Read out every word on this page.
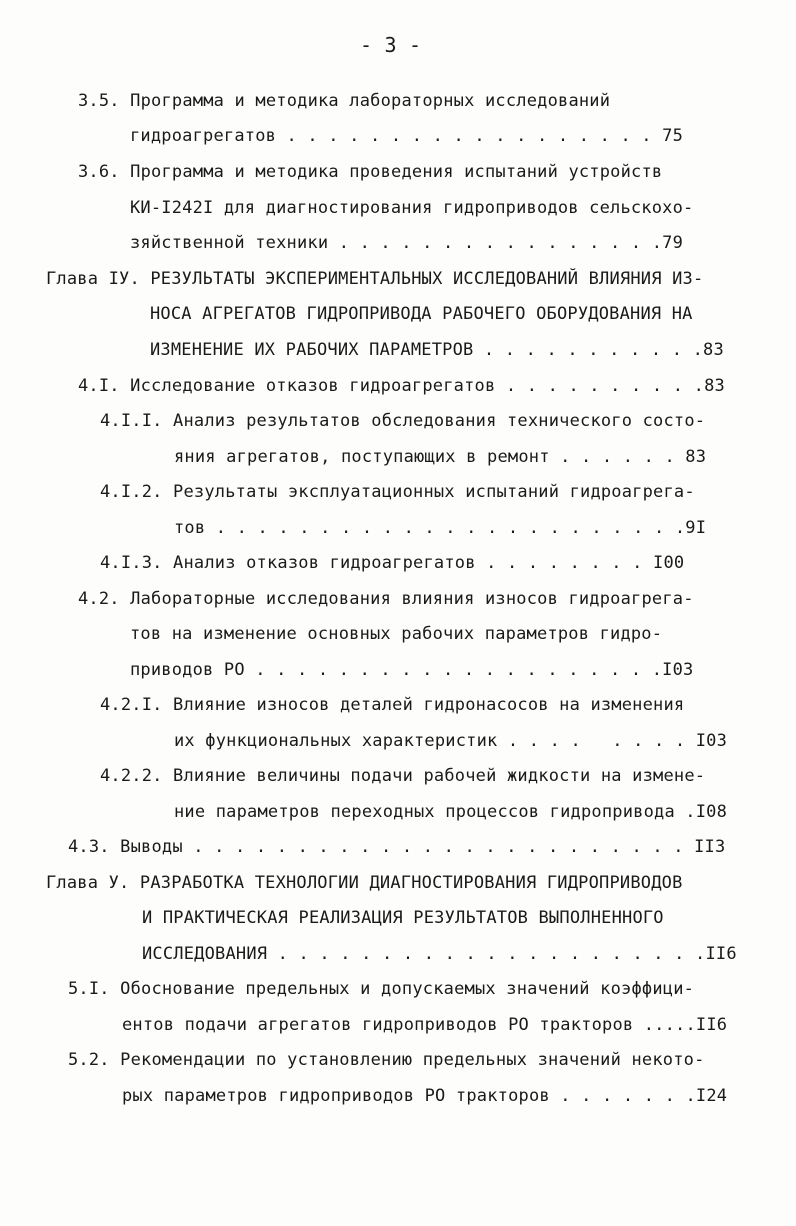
- 3 -
3.5. Программа и методика лабораторных исследований
гидроагрегатов . . . . . . . . . . . . . . . . . . 75
3.6. Программа и методика проведения испытаний устройств
КИ-I242I для диагностирования гидроприводов сельскохо-
зяйственной техники . . . . . . . . . . . . . . . .79
Глава IУ. РЕЗУЛЬТАТЫ ЭКСПЕРИМЕНТАЛЬНЫХ ИССЛЕДОВАНИЙ ВЛИЯНИЯ ИЗ-
НОСА АГРЕГАТОВ ГИДРОПРИВОДА РАБОЧЕГО ОБОРУДОВАНИЯ НА
ИЗМЕНЕНИЕ ИХ РАБОЧИХ ПАРАМЕТРОВ . . . . . . . . . . .83
4.I. Исследование отказов гидроагрегатов . . . . . . . . . .83
4.I.I. Анализ результатов обследования технического состо-
яния агрегатов, поступающих в ремонт . . . . . . 83
4.I.2. Результаты эксплуатационных испытаний гидроагрега-
тов . . . . . . . . . . . . . . . . . . . . . . .9I
4.I.3. Анализ отказов гидроагрегатов . . . . . . . . I00
4.2. Лабораторные исследования влияния износов гидроагрега-
тов на изменение основных рабочих параметров гидро-
приводов РО . . . . . . . . . . . . . . . . . . . .I03
4.2.I. Влияние износов деталей гидронасосов на изменения
их функциональных характеристик . . . .   . . . . I03
4.2.2. Влияние величины подачи рабочей жидкости на измене-
ние параметров переходных процессов гидропривода .I08
4.3. Выводы . . . . . . . . . . . . . . . . . . . . . . . . II3
Глава У. РАЗРАБОТКА ТЕХНОЛОГИИ ДИАГНОСТИРОВАНИЯ ГИДРОПРИВОДОВ
И ПРАКТИЧЕСКАЯ РЕАЛИЗАЦИЯ РЕЗУЛЬТАТОВ ВЫПОЛНЕННОГО
ИССЛЕДОВАНИЯ . . . . . . . . . . . . . . . . . . . . .II6
5.I. Обоснование предельных и допускаемых значений коэффици-
ентов подачи агрегатов гидроприводов РО тракторов .....II6
5.2. Рекомендации по установлению предельных значений некото-
рых параметров гидроприводов РО тракторов . . . . . . .I24
